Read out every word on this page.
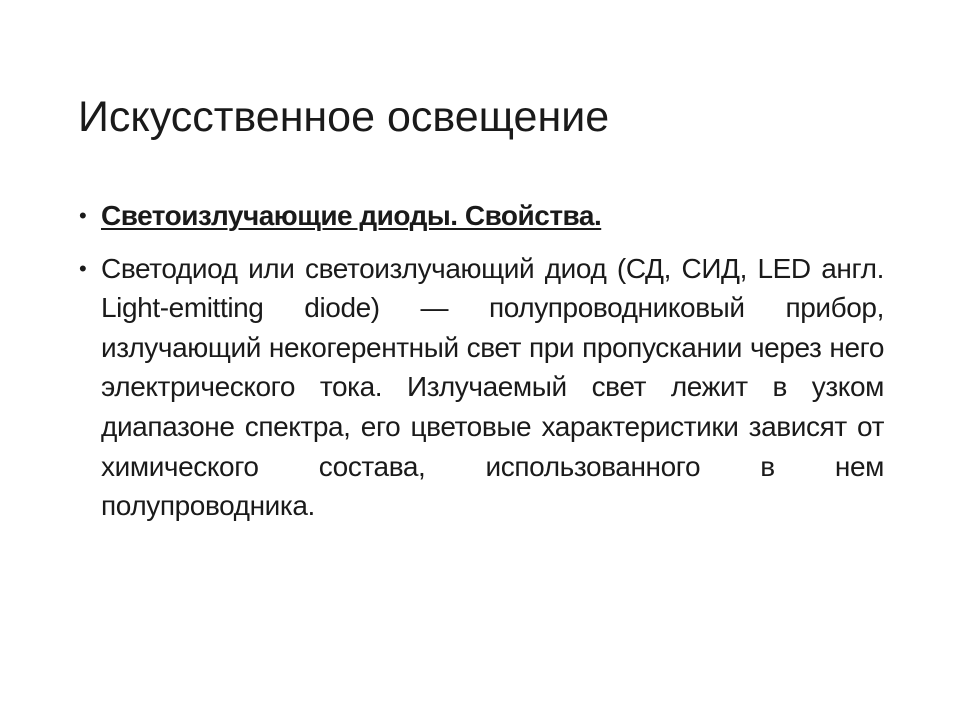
Искусственное освещение
• Светоизлучающие диоды. Свойства.
• Светодиод или светоизлучающий диод (СД, СИД, LED англ. Light-emitting diode) — полупроводниковый прибор, излучающий некогерентный свет при пропускании через него электрического тока. Излучаемый свет лежит в узком диапазоне спектра, его цветовые характеристики зависят от химического состава, использованного в нем полупроводника.
